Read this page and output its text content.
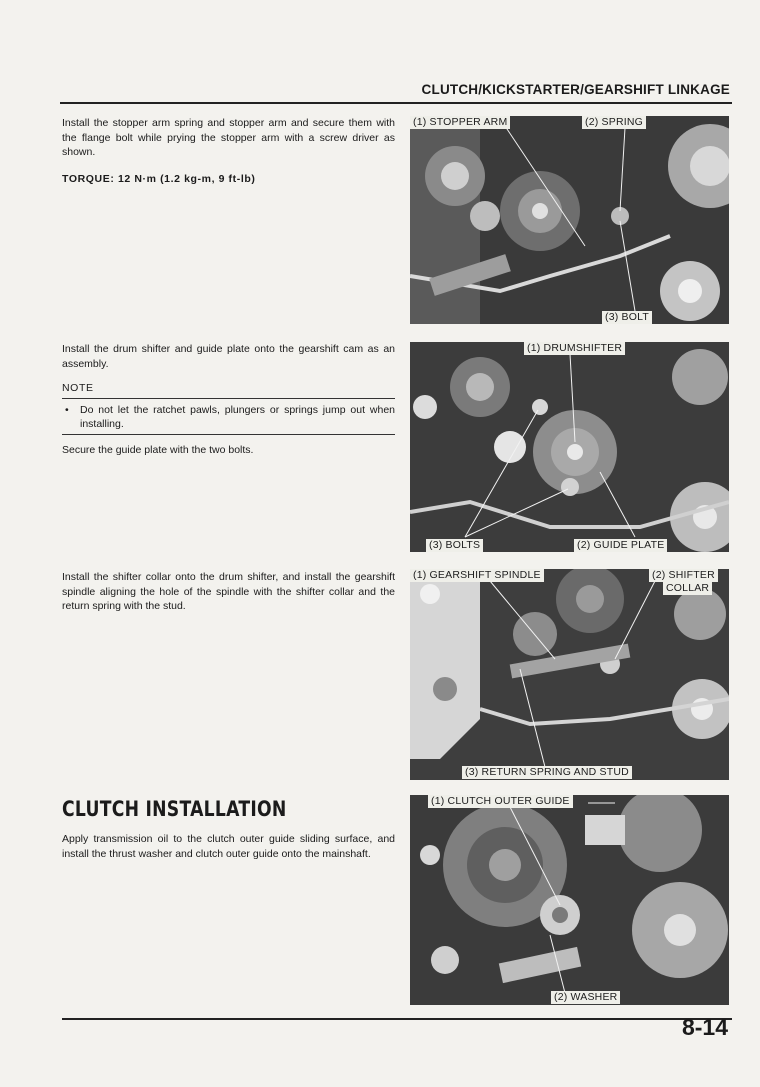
CLUTCH/KICKSTARTER/GEARSHIFT LINKAGE

Install the stopper arm spring and stopper arm and secure them with the flange bolt while prying the stopper arm with a screw driver as shown.

TORQUE: 12 N·m (1.2 kg-m, 9 ft-lb)

Install the drum shifter and guide plate onto the gearshift cam as an assembly.

NOTE

• Do not let the ratchet pawls, plungers or springs jump out when installing.

Secure the guide plate with the two bolts.

Install the shifter collar onto the drum shifter, and install the gearshift spindle aligning the hole of the spindle with the shifter collar and the return spring with the stud.

CLUTCH INSTALLATION

Apply transmission oil to the clutch outer guide sliding surface, and install the thrust washer and clutch outer guide onto the mainshaft.

(1) STOPPER ARM	(2) SPRING
(3) BOLT
(1) DRUMSHIFTER
(3) BOLTS	(2) GUIDE PLATE
(1) GEARSHIFT SPINDLE	(2) SHIFTER
COLLAR
(3) RETURN SPRING AND STUD
(1) CLUTCH OUTER GUIDE
(2) WASHER
8-14
